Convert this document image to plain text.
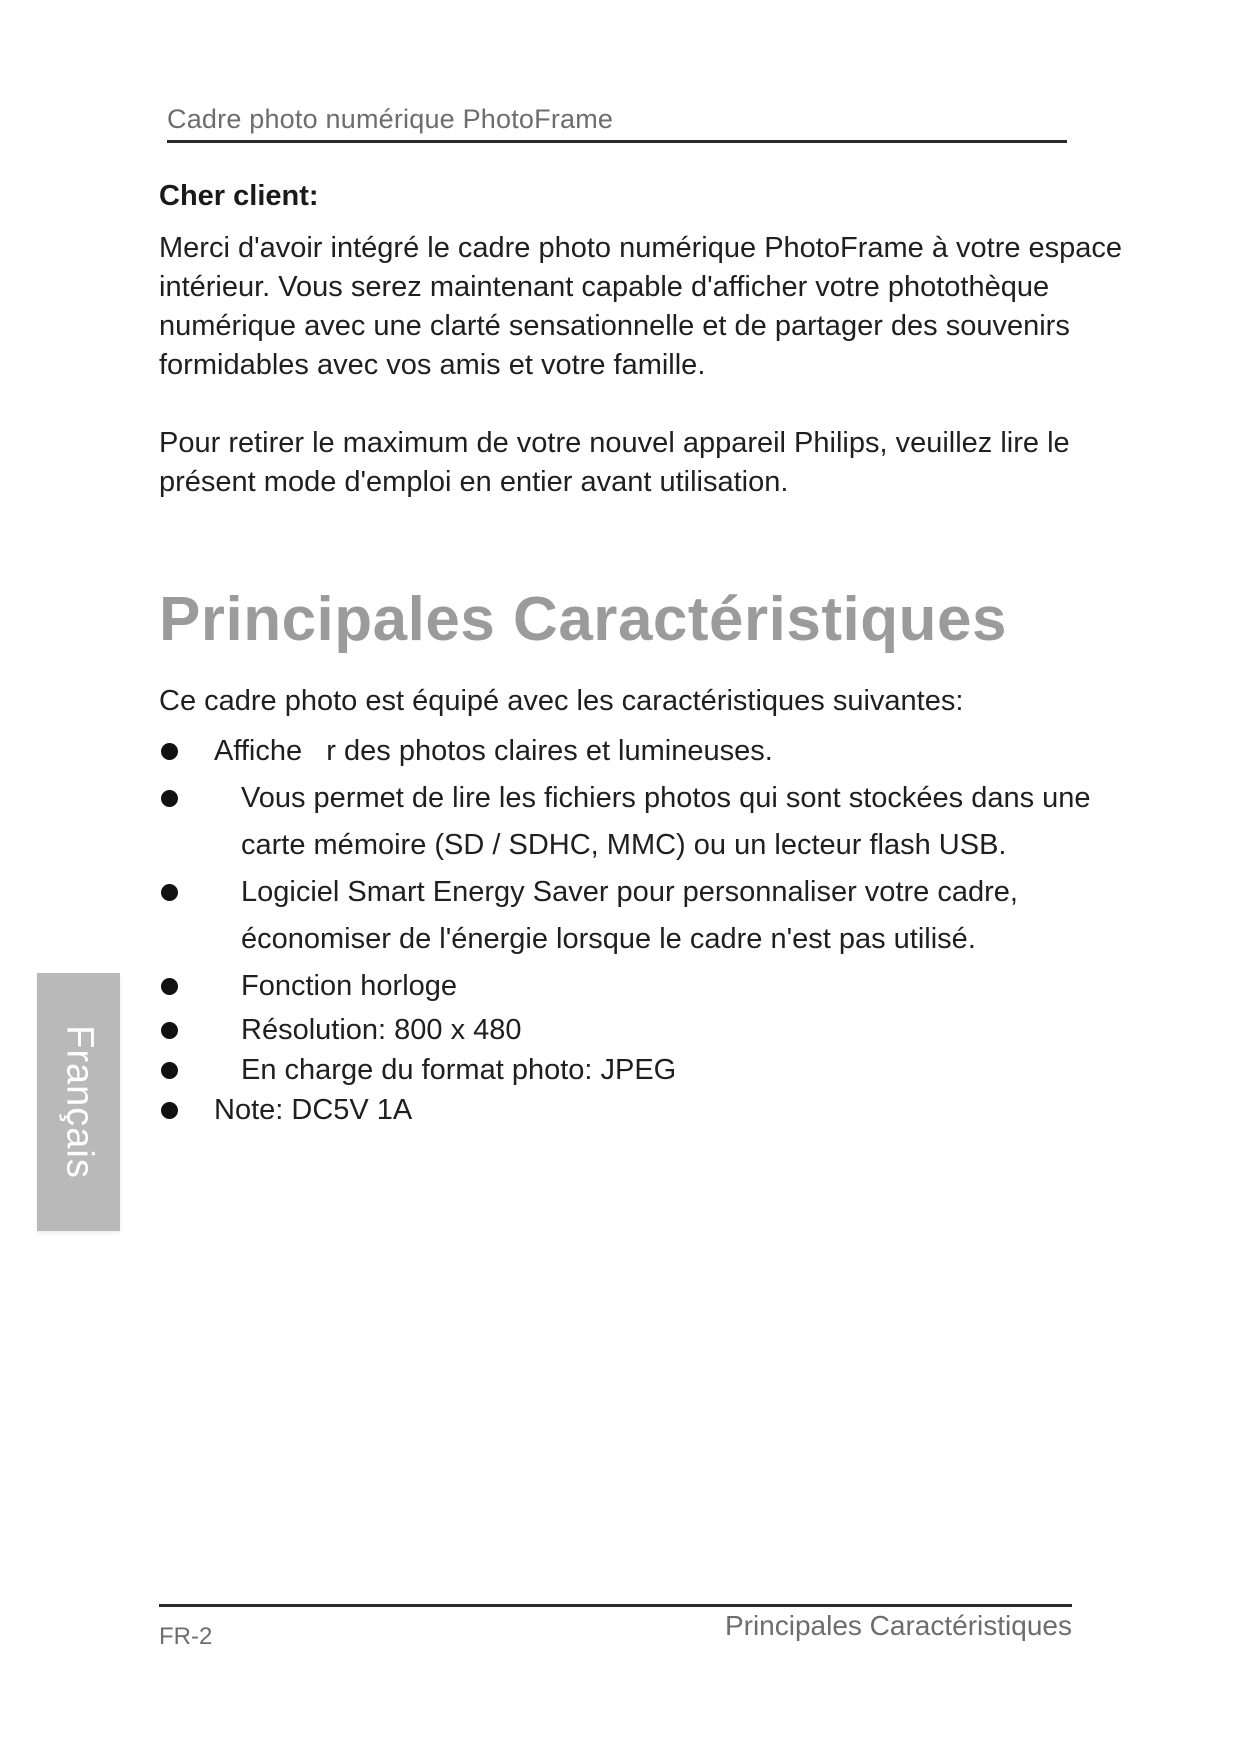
Cadre photo numérique PhotoFrame
Cher client:
Merci d'avoir intégré le cadre photo numérique PhotoFrame à votre espace intérieur. Vous serez maintenant capable d'afficher votre photothèque numérique avec une clarté sensationnelle et de partager des souvenirs formidables avec vos amis et votre famille.
Pour retirer le maximum de votre nouvel appareil Philips, veuillez lire le présent mode d'emploi en entier avant utilisation.
Principales Caractéristiques
Ce cadre photo est équipé avec les caractéristiques suivantes:
Affiche   r des photos claires et lumineuses.
Vous permet de lire les fichiers photos qui sont stockées dans une carte mémoire (SD / SDHC, MMC) ou un lecteur flash USB.
Logiciel Smart Energy Saver pour personnaliser votre cadre, économiser de l'énergie lorsque le cadre n'est pas utilisé.
Fonction horloge
Résolution: 800 x 480
En charge du format photo: JPEG
Note: DC5V 1A
Français
FR-2	Principales Caractéristiques
